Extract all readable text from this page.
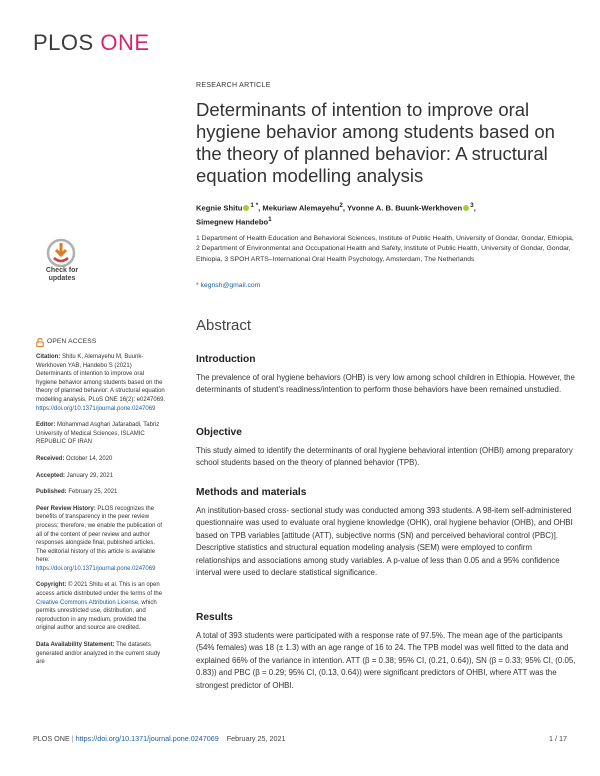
PLOS ONE
RESEARCH ARTICLE
Determinants of intention to improve oral hygiene behavior among students based on the theory of planned behavior: A structural equation modelling analysis
Kegnie Shitu $^{1 *}$, Mekuriaw Alemayehu$^2$, Yvonne A. B. Buunk-Werkhoven $^3$,
Simegnew Handebo$^1$
1 Department of Health Education and Behavioral Sciences, Institute of Public Health, University of Gondar, Gondar, Ethiopia, 2 Department of Environmental and Occupational Health and Safety, Institute of Public Health, University of Gondar, Gondar, Ethiopia, 3 SPOH ARTS–International Oral Health Psychology, Amsterdam, The Netherlands
* kegnsh@gmail.com
Check for
updates
OPEN ACCESS
Citation: Shitu K, Alemayehu M, Buunk-Werkhoven YAB, Handebo S (2021) Determinants of intention to improve oral hygiene behavior among students based on the theory of planned behavior: A structural equation modelling analysis. PLoS ONE 16(2): e0247069. https://doi.org/10.1371/journal.pone.0247069
Editor: Mohammad Asghari Jafarabadi, Tabriz University of Medical Sciences, ISLAMIC REPUBLIC OF IRAN
Received: October 14, 2020
Accepted: January 29, 2021
Published: February 25, 2021
Peer Review History: PLOS recognizes the benefits of transparency in the peer review process; therefore, we enable the publication of all of the content of peer review and author responses alongside final, published articles. The editorial history of this article is available here: https://doi.org/10.1371/journal.pone.0247069
Copyright: © 2021 Shitu et al. This is an open access article distributed under the terms of the Creative Commons Attribution License, which permits unrestricted use, distribution, and reproduction in any medium, provided the original author and source are credited.
Data Availability Statement: The datasets generated and/or analyzed in the current study are
Abstract
Introduction
The prevalence of oral hygiene behaviors (OHB) is very low among school children in Ethiopia. However, the determinants of student's readiness/intention to perform those behaviors have been remained unstudied.
Objective
This study aimed to identify the determinants of oral hygiene behavioral intention (OHBI) among preparatory school students based on the theory of planned behavior (TPB).
Methods and materials
An institution-based cross- sectional study was conducted among 393 students. A 98-item self-administered questionnaire was used to evaluate oral hygiene knowledge (OHK), oral hygiene behavior (OHB), and OHBI based on TPB variables [attitude (ATT), subjective norms (SN) and perceived behavioral control (PBC)]. Descriptive statistics and structural equation modeling analysis (SEM) were employed to confirm relationships and associations among study variables. A p-value of less than 0.05 and a 95% confidence interval were used to declare statistical significance.
Results
A total of 393 students were participated with a response rate of 97.5%. The mean age of the participants (54% females) was 18 (± 1.3) with an age range of 16 to 24. The TPB model was well fitted to the data and explained 66% of the variance in intention. ATT (β = 0.38; 95% CI, (0.21, 0.64)), SN (β = 0.33; 95% CI, (0.05, 0.83)) and PBC (β = 0.29; 95% CI, (0.13, 0.64)) were significant predictors of OHBI, where ATT was the strongest predictor of OHBI.
PLOS ONE | https://doi.org/10.1371/journal.pone.0247069 February 25, 2021	1 / 17
